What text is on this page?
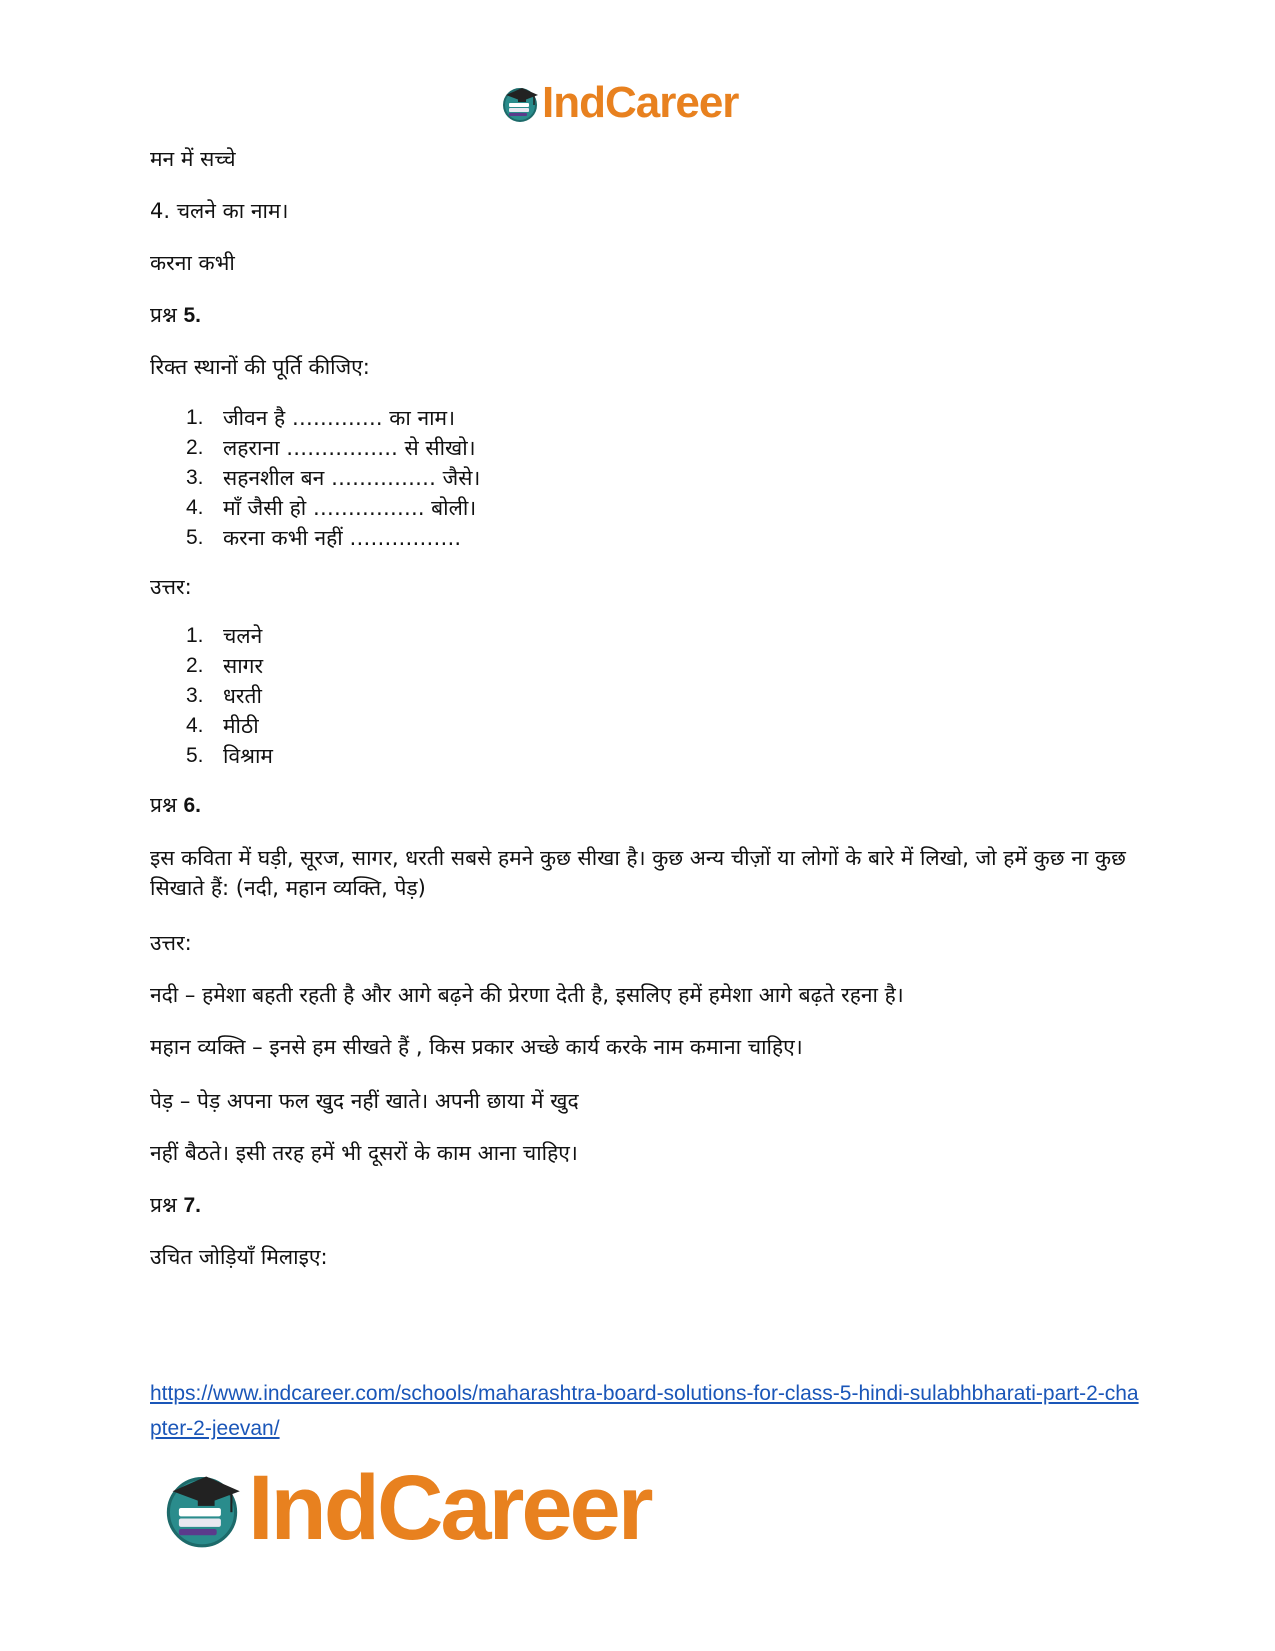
IndCareer
मन में सच्चे
4. चलने का नाम।
करना कभी
प्रश्न 5.
रिक्त स्थानों की पूर्ति कीजिए:
1. जीवन है …………. का नाम।
2. लहराना ……………. से सीखो।
3. सहनशील बन …………… जैसे।
4. माँ जैसी हो ……………. बोली।
5. करना कभी नहीं …………….
उत्तर:
1. चलने
2. सागर
3. धरती
4. मीठी
5. विश्राम
प्रश्न 6.
इस कविता में घड़ी, सूरज, सागर, धरती सबसे हमने कुछ सीखा है। कुछ अन्य चीज़ों या लोगों के बारे में लिखो, जो हमें कुछ ना कुछ सिखाते हैं: (नदी, महान व्यक्ति, पेड़)
उत्तर:
नदी – हमेशा बहती रहती है और आगे बढ़ने की प्रेरणा देती है, इसलिए हमें हमेशा आगे बढ़ते रहना है।
महान व्यक्ति – इनसे हम सीखते हैं , किस प्रकार अच्छे कार्य करके नाम कमाना चाहिए।
पेड़ – पेड़ अपना फल खुद नहीं खाते। अपनी छाया में खुद
नहीं बैठते। इसी तरह हमें भी दूसरों के काम आना चाहिए।
प्रश्न 7.
उचित जोड़ियाँ मिलाइए:
https://www.indcareer.com/schools/maharashtra-board-solutions-for-class-5-hindi-sulabhbharati-part-2-chapter-2-jeevan/
IndCareer
